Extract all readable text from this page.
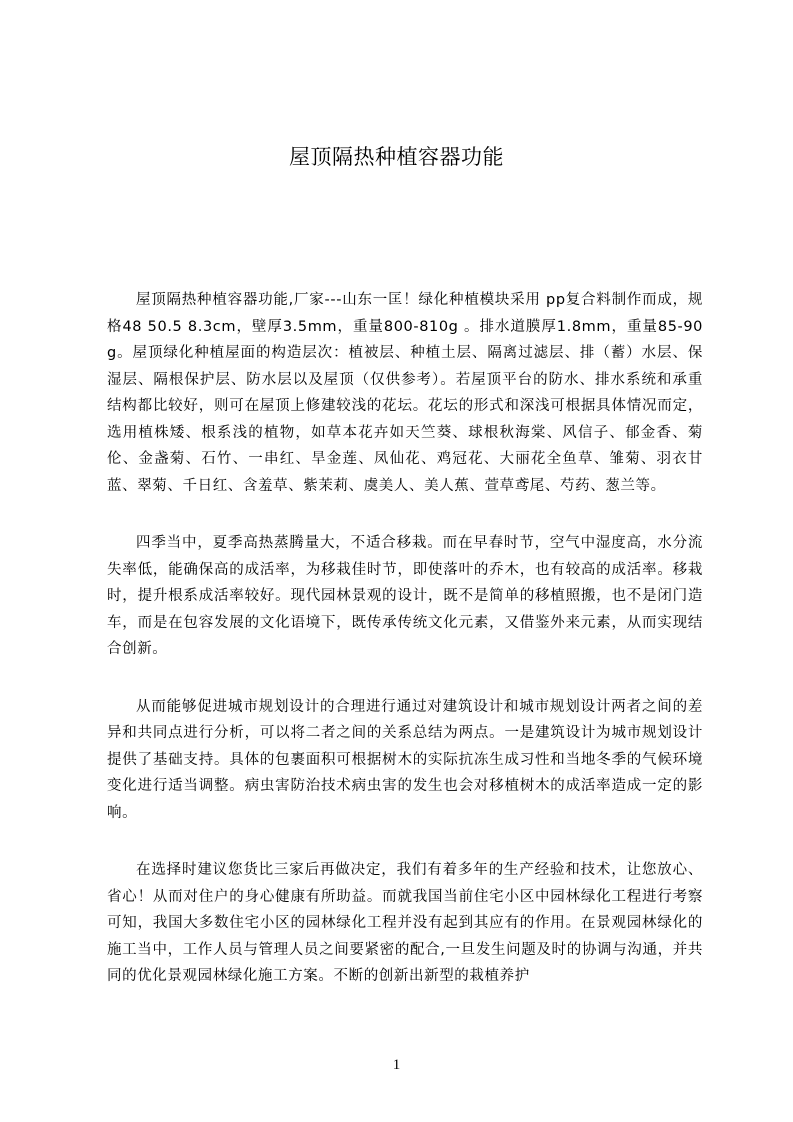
屋顶隔热种植容器功能

屋顶隔热种植容器功能,厂家---山东一匡！绿化种植模块采用 pp复合料制作而成，规格48 50.5 8.3cm，壁厚3.5mm，重量800-810g 。排水道膜厚1.8mm，重量85-90g。屋顶绿化种植屋面的构造层次：植被层、种植土层、隔离过滤层、排（蓄）水层、保湿层、隔根保护层、防水层以及屋顶（仅供参考）。若屋顶平台的防水、排水系统和承重结构都比较好，则可在屋顶上修建较浅的花坛。花坛的形式和深浅可根据具体情况而定，选用植株矮、根系浅的植物，如草本花卉如天竺葵、球根秋海棠、风信子、郁金香、菊伦、金盏菊、石竹、一串红、旱金莲、凤仙花、鸡冠花、大丽花全鱼草、雏菊、羽衣甘蓝、翠菊、千日红、含羞草、紫茉莉、虞美人、美人蕉、萱草鸢尾、芍药、葱兰等。

四季当中，夏季高热蒸腾量大，不适合移栽。而在早春时节，空气中湿度高，水分流失率低，能确保高的成活率，为移栽佳时节，即使落叶的乔木，也有较高的成活率。移栽时，提升根系成活率较好。现代园林景观的设计，既不是简单的移植照搬，也不是闭门造车，而是在包容发展的文化语境下，既传承传统文化元素，又借鉴外来元素，从而实现结合创新。

从而能够促进城市规划设计的合理进行通过对建筑设计和城市规划设计两者之间的差异和共同点进行分析，可以将二者之间的关系总结为两点。一是建筑设计为城市规划设计提供了基础支持。具体的包裹面积可根据树木的实际抗冻生成习性和当地冬季的气候环境变化进行适当调整。病虫害防治技术病虫害的发生也会对移植树木的成活率造成一定的影响。

在选择时建议您货比三家后再做决定，我们有着多年的生产经验和技术，让您放心、省心！从而对住户的身心健康有所助益。而就我国当前住宅小区中园林绿化工程进行考察可知，我国大多数住宅小区的园林绿化工程并没有起到其应有的作用。在景观园林绿化的施工当中，工作人员与管理人员之间要紧密的配合,一旦发生问题及时的协调与沟通，并共同的优化景观园林绿化施工方案。不断的创新出新型的栽植养护

1
